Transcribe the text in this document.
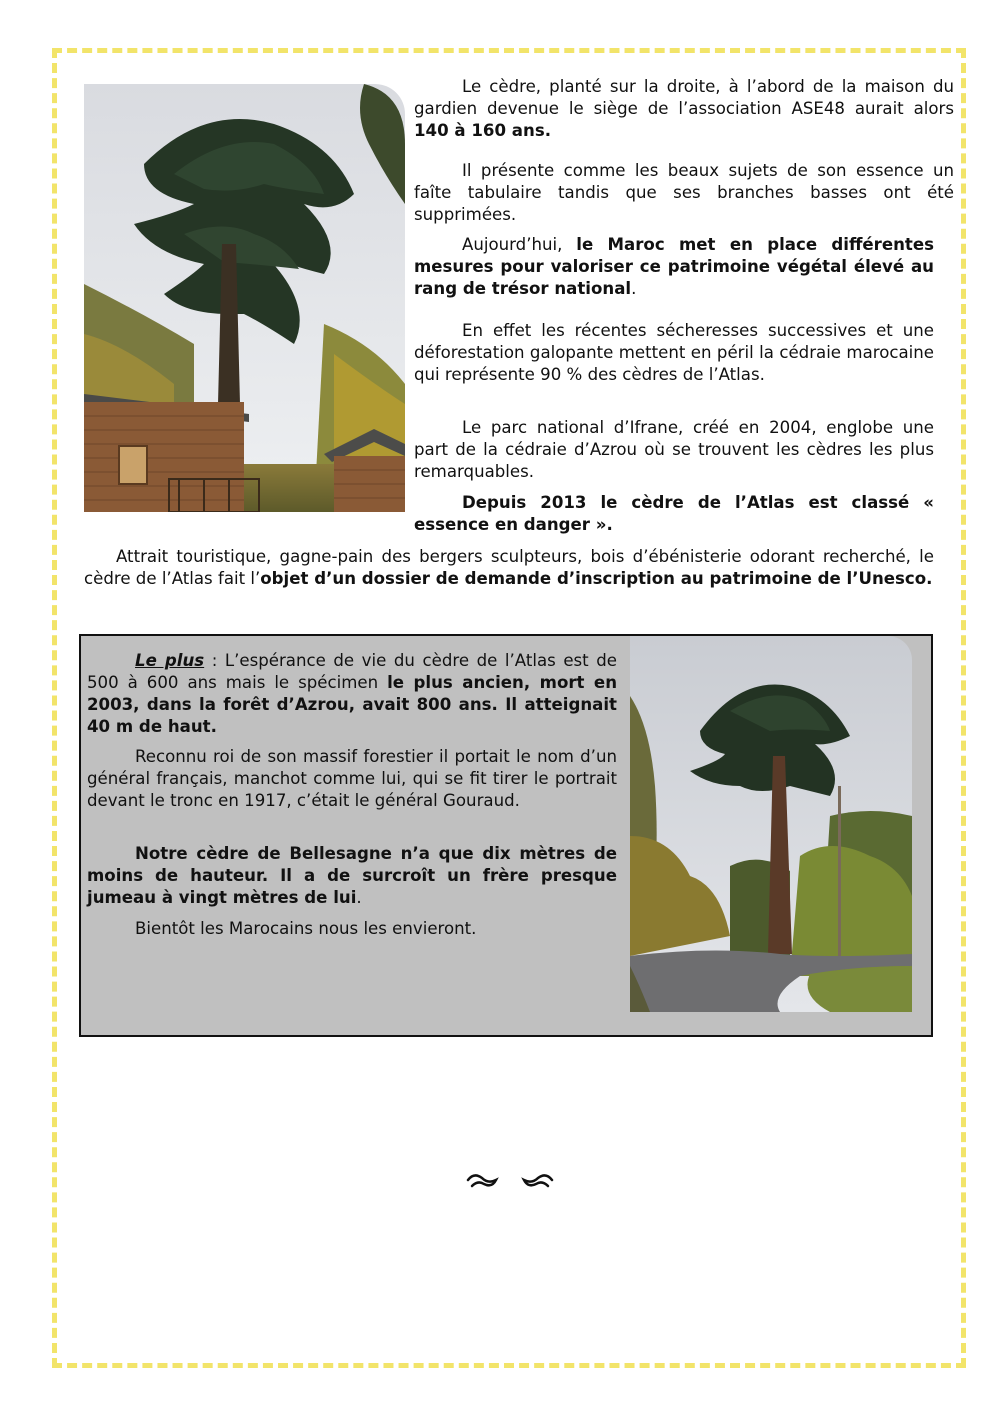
Le cèdre, planté sur la droite, à l’abord de la maison du gardien devenue le siège de l’association ASE48 aurait alors 140 à 160 ans.

Il présente comme les beaux sujets de son essence un faîte tabulaire tandis que ses branches basses ont été supprimées.

Aujourd’hui, le Maroc met en place différentes mesures pour valoriser ce patrimoine végétal élevé au rang de trésor national.

En effet les récentes sécheresses successives et une déforestation galopante mettent en péril la cédraie marocaine qui représente 90 % des cèdres de l’Atlas.

Le parc national d’Ifrane, créé en 2004, englobe une part de la cédraie d’Azrou où se trouvent les cèdres les plus remarquables.

Depuis 2013 le cèdre de l’Atlas est classé « essence en danger ».

Attrait touristique, gagne-pain des bergers sculpteurs, bois d’ébénisterie odorant recherché, le cèdre de l’Atlas fait l’objet d’un dossier de demande d’inscription au patrimoine de l’Unesco.

Le plus : L’espérance de vie du cèdre de l’Atlas est de 500 à 600 ans mais le spécimen le plus ancien, mort en 2003, dans la forêt d’Azrou, avait 800 ans. Il atteignait 40 m de haut.

Reconnu roi de son massif forestier il portait le nom d’un général français, manchot comme lui, qui se fit tirer le portrait devant le tronc en 1917, c’était le général Gouraud.

Notre cèdre de Bellesagne n’a que dix mètres de moins de hauteur. Il a de surcroît un frère presque jumeau à vingt mètres de lui.

Bientôt les Marocains nous les envieront.
